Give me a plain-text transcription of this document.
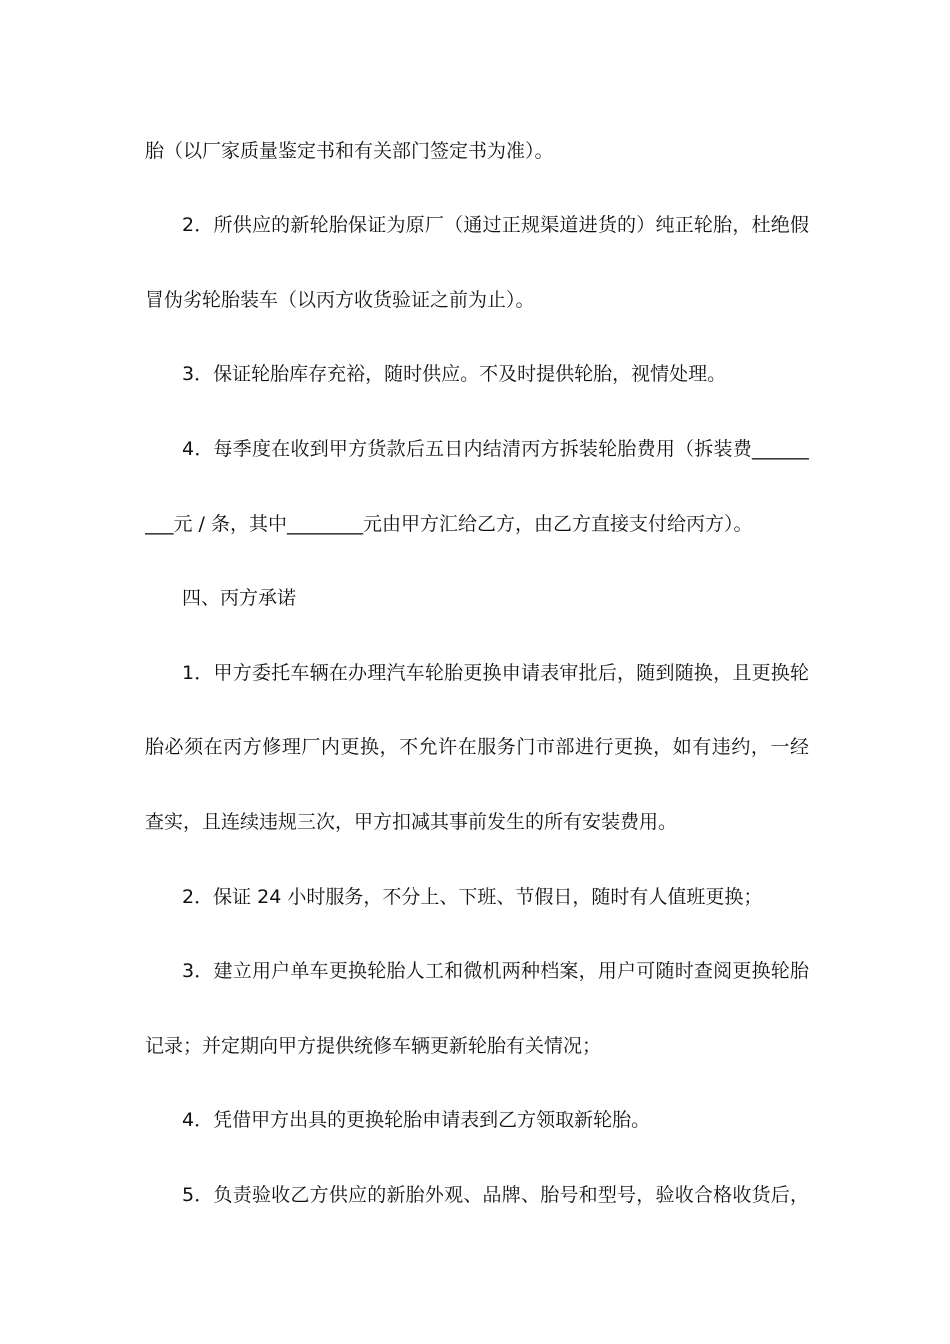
胎（以厂家质量鉴定书和有关部门签定书为准）。
2．所供应的新轮胎保证为原厂（通过正规渠道进货的）纯正轮胎，杜绝假
冒伪劣轮胎装车（以丙方收货验证之前为止）。
3．保证轮胎库存充裕，随时供应。不及时提供轮胎，视情处理。
4．每季度在收到甲方货款后五日内结清丙方拆装轮胎费用（拆装费______
___元 / 条，其中________元由甲方汇给乙方，由乙方直接支付给丙方）。
四、丙方承诺
1．甲方委托车辆在办理汽车轮胎更换申请表审批后，随到随换，且更换轮
胎必须在丙方修理厂内更换，不允许在服务门市部进行更换，如有违约，一经
查实，且连续违规三次，甲方扣减其事前发生的所有安装费用。
2．保证 24 小时服务，不分上、下班、节假日，随时有人值班更换；
3．建立用户单车更换轮胎人工和微机两种档案，用户可随时查阅更换轮胎
记录；并定期向甲方提供统修车辆更新轮胎有关情况；
4．凭借甲方出具的更换轮胎申请表到乙方领取新轮胎。
5．负责验收乙方供应的新胎外观、品牌、胎号和型号，验收合格收货后，
